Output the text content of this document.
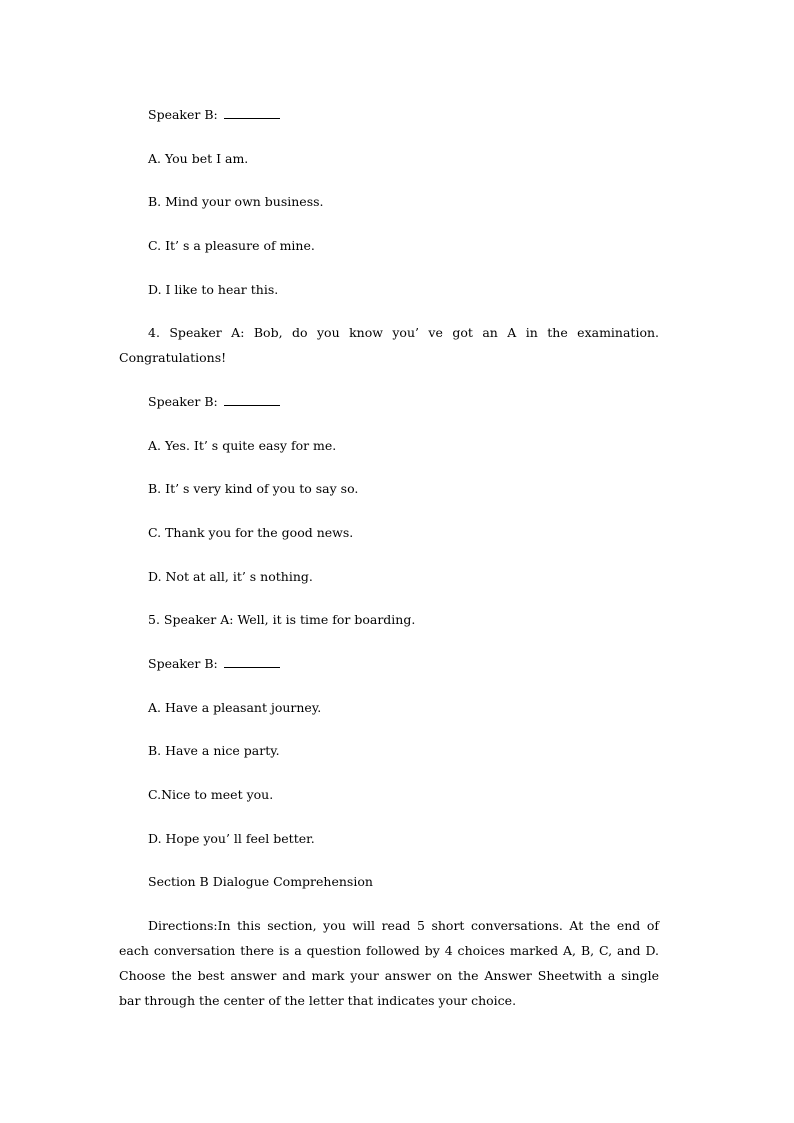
Speaker B:
A. You bet I am.
B. Mind your own business.
C. It’ s a pleasure of mine.
D. I like to hear this.
4. Speaker A: Bob, do you know you’ ve got an A in the examination. Congratulations!
Speaker B:
A. Yes. It’ s quite easy for me.
B. It’ s very kind of you to say so.
C. Thank you for the good news.
D. Not at all, it’ s nothing.
5. Speaker A: Well, it is time for boarding.
Speaker B:
A. Have a pleasant journey.
B. Have a nice party.
C.Nice to meet you.
D. Hope you’ ll feel better.
Section B Dialogue Comprehension
Directions:In this section, you will read 5 short conversations. At the end of each conversation there is a question followed by 4 choices marked A, B, C, and D. Choose the best answer and mark your answer on the Answer Sheetwith a single bar through the center of the letter that indicates your choice.
